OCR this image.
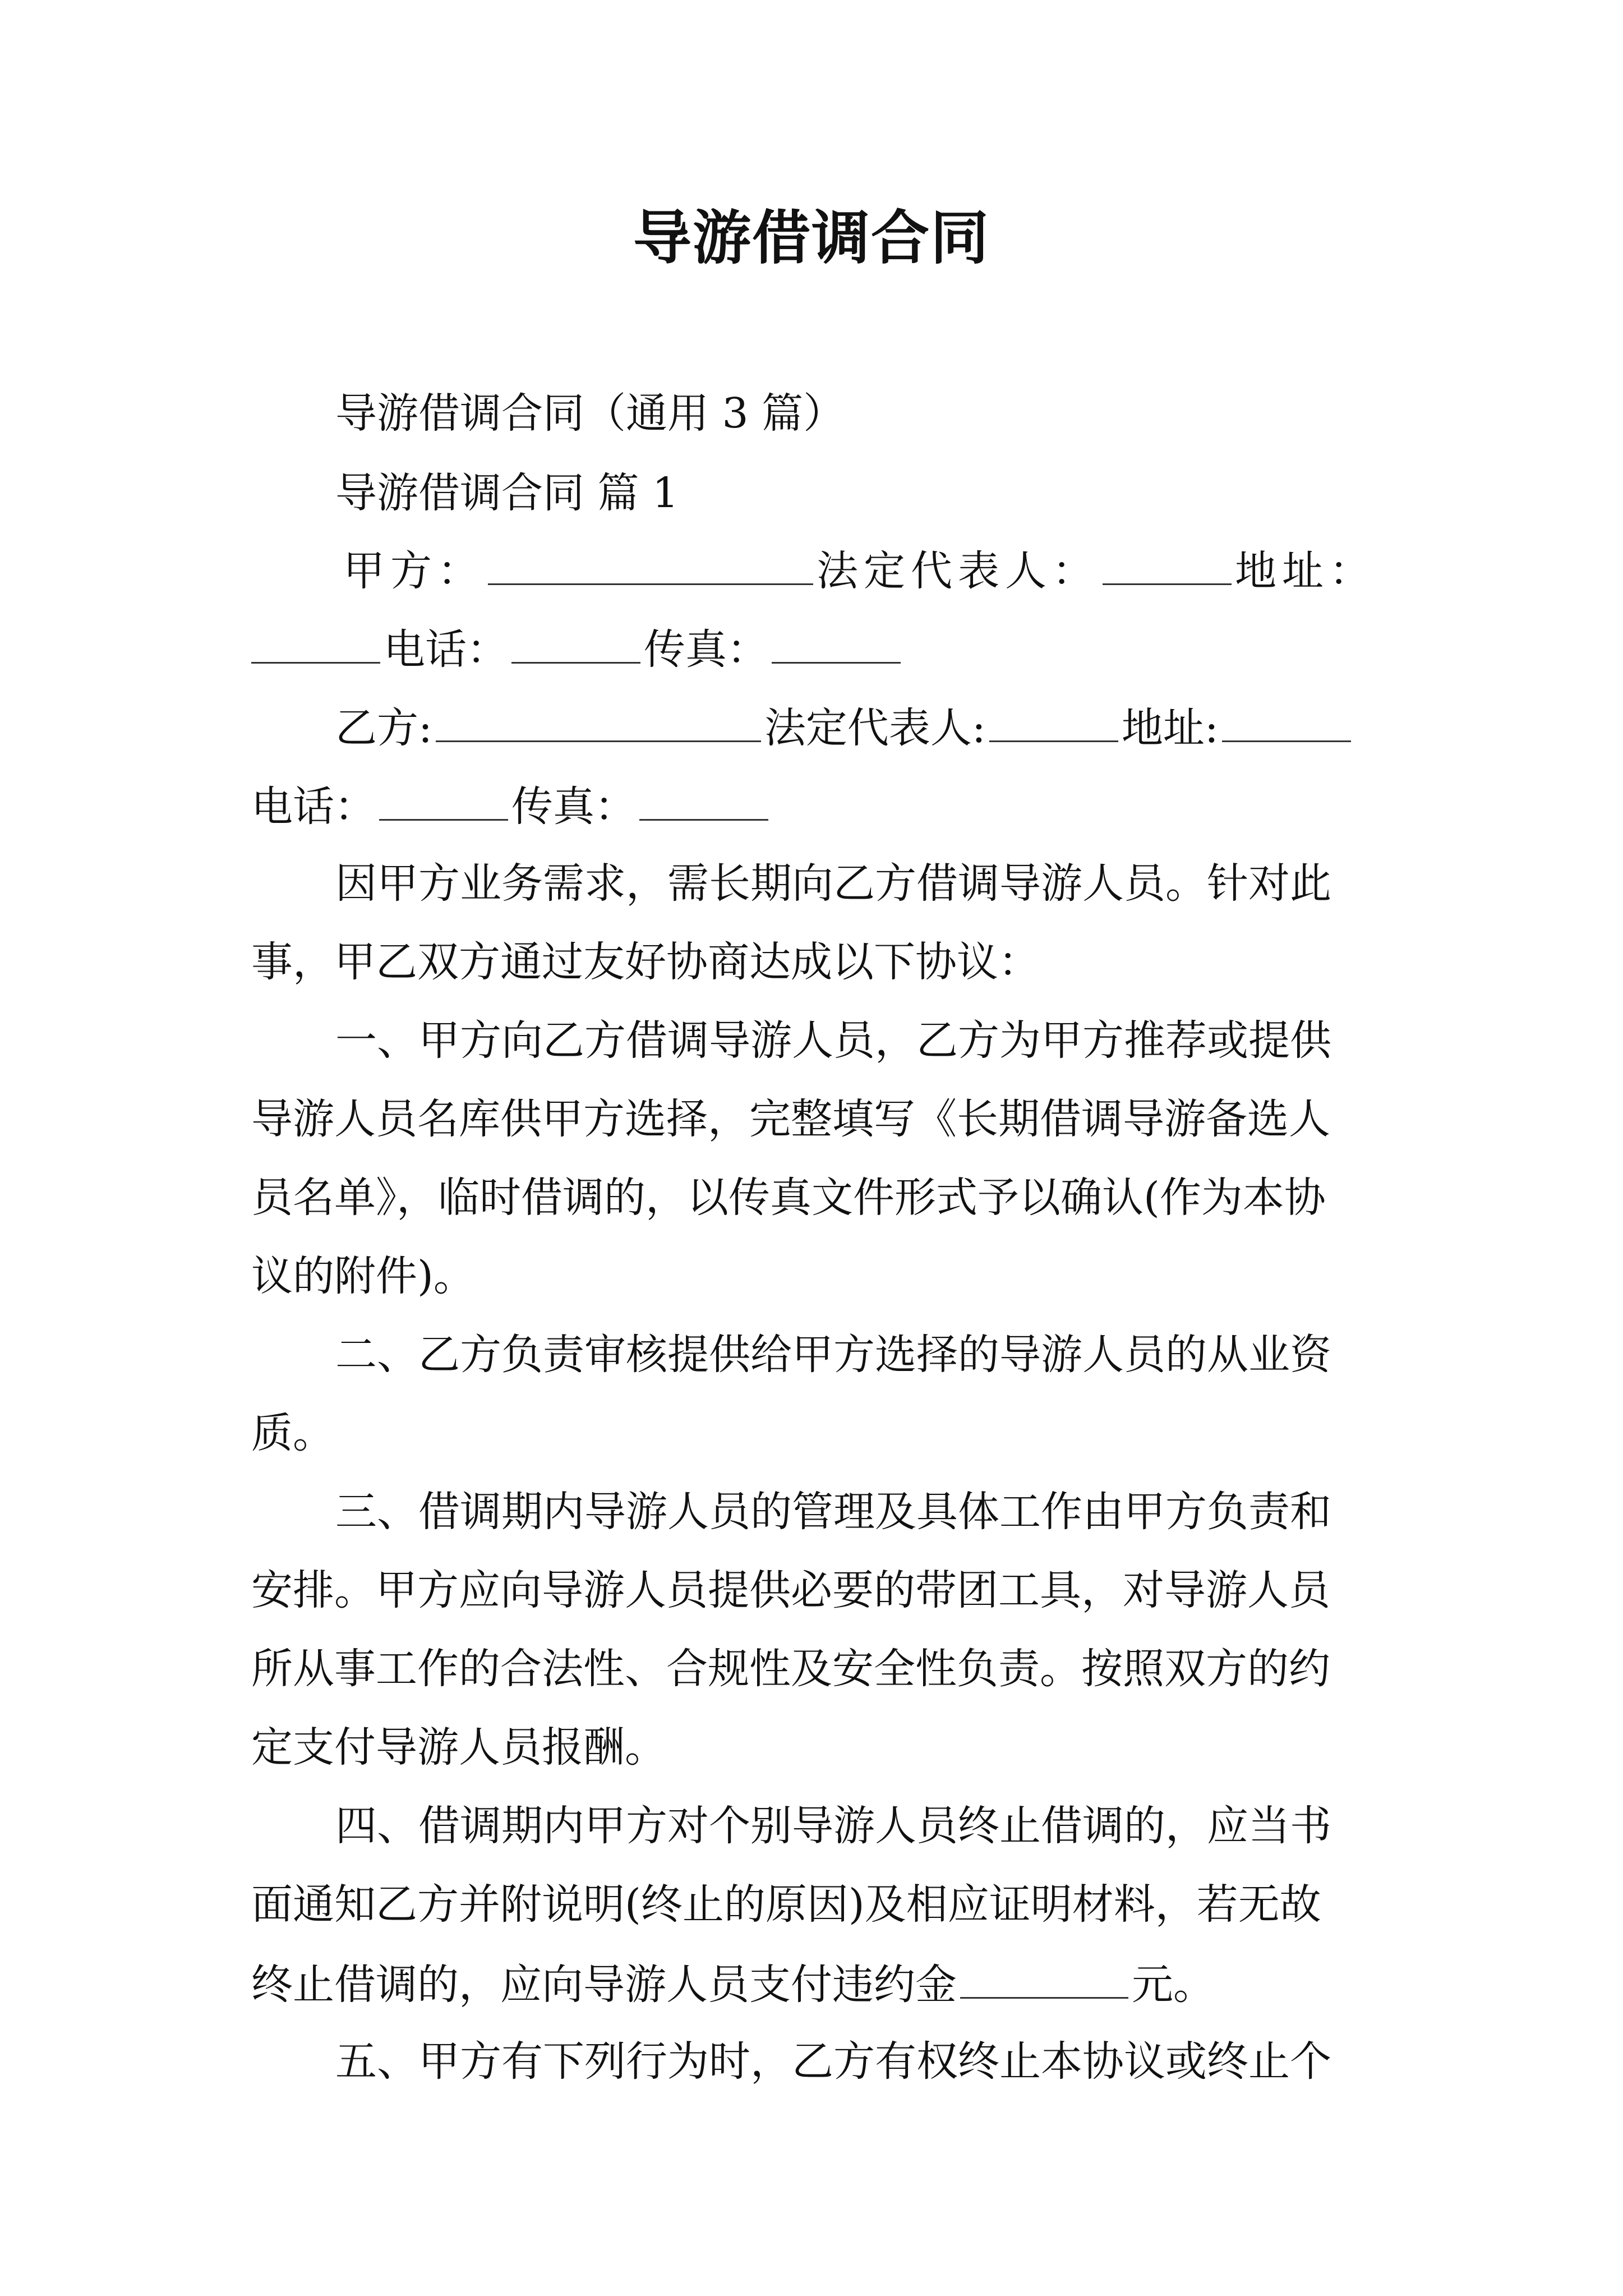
导游借调合同
导游借调合同（通用 3 篇）
导游借调合同 篇 1
甲方：	法定代表人：	地址：
电话：	传真：
乙方:	法定代表人:	地址:
电话：	传真：
因甲方业务需求，需长期向乙方借调导游人员。针对此
事，甲乙双方通过友好协商达成以下协议：
一、甲方向乙方借调导游人员，乙方为甲方推荐或提供
导游人员名库供甲方选择，完整填写《长期借调导游备选人
员名单》，临时借调的，以传真文件形式予以确认(作为本协
议的附件)。
二、乙方负责审核提供给甲方选择的导游人员的从业资
质。
三、借调期内导游人员的管理及具体工作由甲方负责和
安排。甲方应向导游人员提供必要的带团工具，对导游人员
所从事工作的合法性、合规性及安全性负责。按照双方的约
定支付导游人员报酬。
四、借调期内甲方对个别导游人员终止借调的，应当书
面通知乙方并附说明(终止的原因)及相应证明材料，若无故
终止借调的，应向导游人员支付违约金	元。
五、甲方有下列行为时，乙方有权终止本协议或终止个
